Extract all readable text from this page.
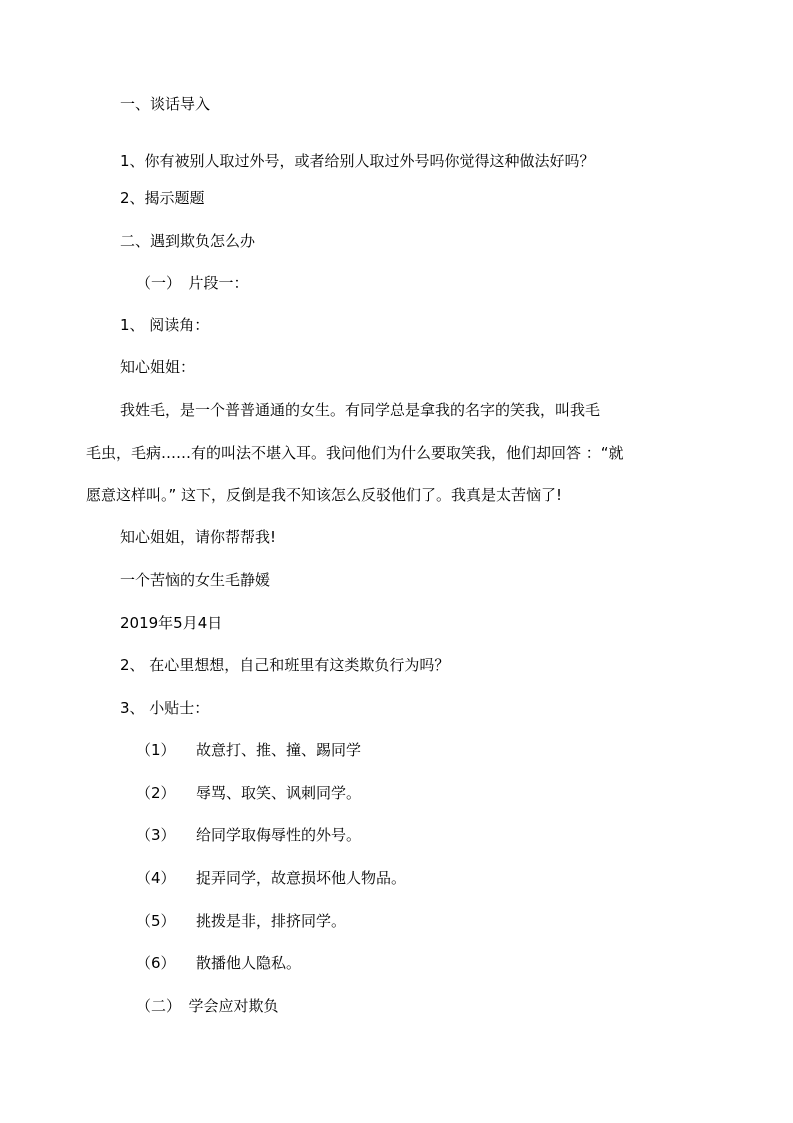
一、谈话导入
1、你有被别人取过外号，或者给别人取过外号吗你觉得这种做法好吗？
2、揭示题题
二、遇到欺负怎么办
（一）　片段一：
1、 阅读角：
知心姐姐：
我姓毛，是一个普普通通的女生。有同学总是拿我的名字的笑我，叫我毛
毛虫，毛病……有的叫法不堪入耳。我问他们为什么要取笑我，他们却回答 ：“就
愿意这样叫。” 这下，反倒是我不知该怎么反驳他们了。我真是太苦恼了!
知心姐姐，请你帮帮我!
一个苦恼的女生毛静媛
2019年5月4日
2、 在心里想想，自己和班里有这类欺负行为吗？
3、 小贴士：
（1） 故意打、推、撞、踢同学
（2） 辱骂、取笑、讽刺同学。
（3） 给同学取侮辱性的外号。
（4） 捉弄同学，故意损坏他人物品。
（5） 挑拨是非，排挤同学。
（6） 散播他人隐私。
（二）　学会应对欺负
